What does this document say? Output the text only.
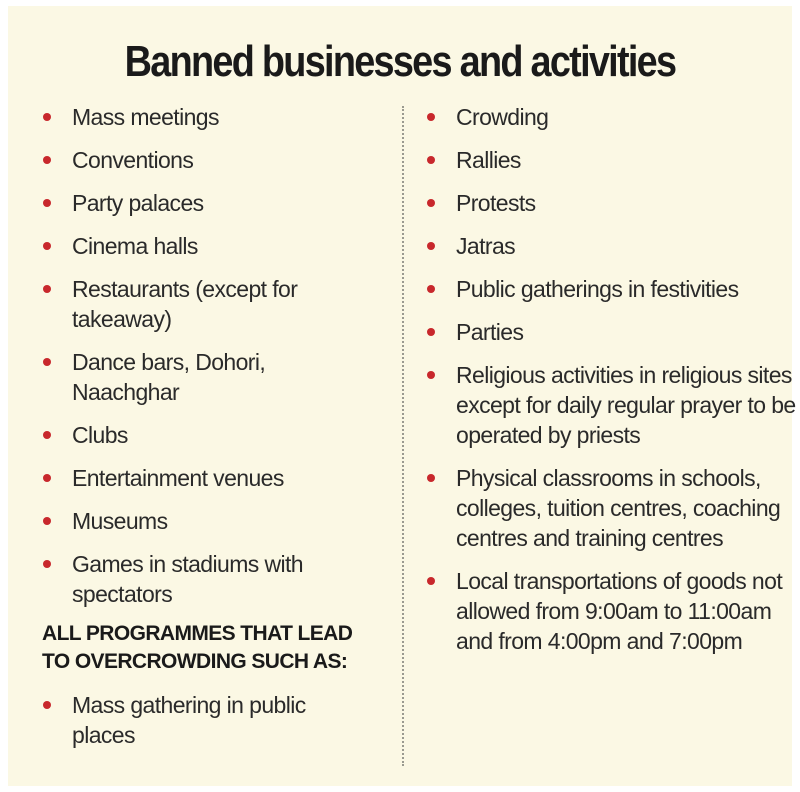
Banned businesses and activities
Mass meetings
Conventions
Party palaces
Cinema halls
Restaurants (except for takeaway)
Dance bars, Dohori, Naachghar
Clubs
Entertainment venues
Museums
Games in stadiums with spectators
ALL PROGRAMMES THAT LEAD TO OVERCROWDING SUCH AS:
Mass gathering in public places
Crowding
Rallies
Protests
Jatras
Public gatherings in festivities
Parties
Religious activities in religious sites except for daily regular prayer to be operated by priests
Physical classrooms in schools, colleges, tuition centres, coaching centres and training centres
Local transportations of goods not allowed from 9:00am to 11:00am and from 4:00pm and 7:00pm
